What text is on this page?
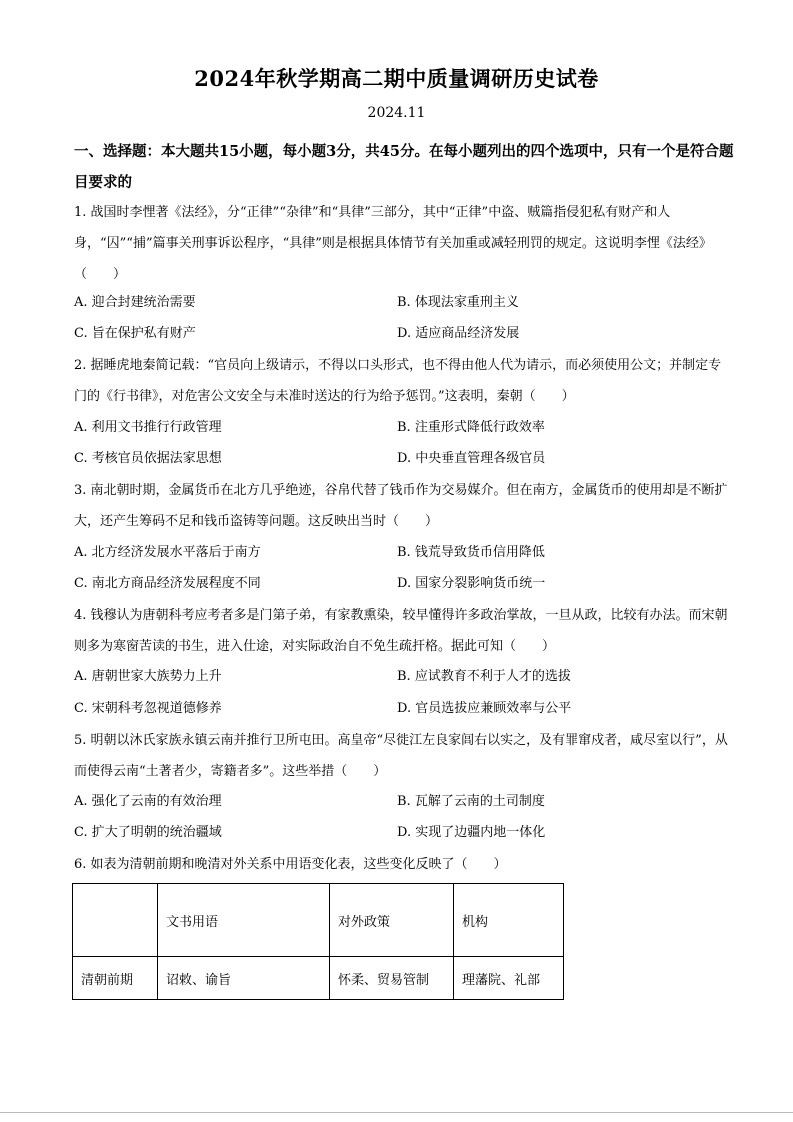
2024年秋学期高二期中质量调研历史试卷
2024.11
一、选择题：本大题共15小题，每小题3分，共45分。在每小题列出的四个选项中，只有一个是符合题目要求的
1. 战国时李悝著《法经》，分“正律”“杂律”和“具律”三部分，其中“正律”中盗、贼篇指侵犯私有财产和人身，“囚”“捕”篇事关刑事诉讼程序，“具律”则是根据具体情节有关加重或减轻刑罚的规定。这说明李悝《法经》（　　）
A. 迎合封建统治需要	B. 体现法家重刑主义
C. 旨在保护私有财产	D. 适应商品经济发展
2. 据睡虎地秦简记载：“官员向上级请示，不得以口头形式，也不得由他人代为请示，而必须使用公文；并制定专门的《行书律》，对危害公文安全与未准时送达的行为给予惩罚。”这表明，秦朝（　　）
A. 利用文书推行行政管理	B. 注重形式降低行政效率
C. 考核官员依据法家思想	D. 中央垂直管理各级官员
3. 南北朝时期，金属货币在北方几乎绝迹，谷帛代替了钱币作为交易媒介。但在南方，金属货币的使用却是不断扩大，还产生筹码不足和钱币盗铸等问题。这反映出当时（　　）
A. 北方经济发展水平落后于南方	B. 钱荒导致货币信用降低
C. 南北方商品经济发展程度不同	D. 国家分裂影响货币统一
4. 钱穆认为唐朝科考应考者多是门第子弟，有家教熏染，较早懂得许多政治掌故，一旦从政，比较有办法。而宋朝则多为寒窗苦读的书生，进入仕途，对实际政治自不免生疏扞格。据此可知（　　）
A. 唐朝世家大族势力上升	B. 应试教育不利于人才的选拔
C. 宋朝科考忽视道德修养	D. 官员选拔应兼顾效率与公平
5. 明朝以沐氏家族永镇云南并推行卫所屯田。高皇帝“尽徙江左良家闾右以实之，及有罪窜戍者，咸尽室以行”，从而使得云南“土著者少，寄籍者多”。这些举措（　　）
A. 强化了云南的有效治理	B. 瓦解了云南的土司制度
C. 扩大了明朝的统治疆域	D. 实现了边疆内地一体化
6. 如表为清朝前期和晚清对外关系中用语变化表，这些变化反映了（　　）
	文书用语	对外政策	机构
清朝前期	诏敕、谕旨	怀柔、贸易管制	理藩院、礼部
